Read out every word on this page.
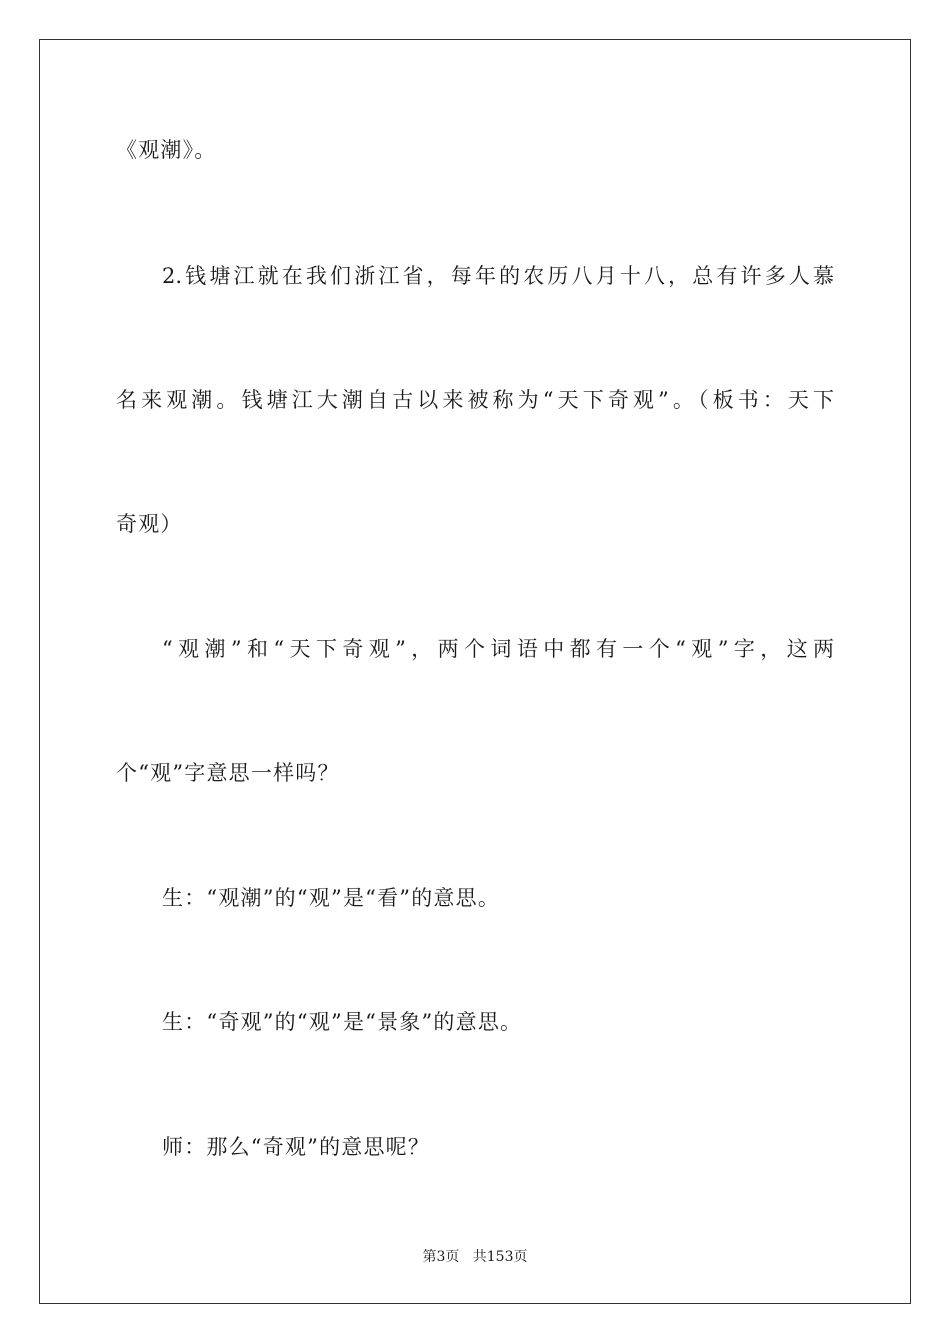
《观潮》。
2.钱塘江就在我们浙江省，每年的农历八月十八，总有许多人慕
名来观潮。钱塘江大潮自古以来被称为“天下奇观”。（板书：天下
奇观）
“观潮”和“天下奇观”，两个词语中都有一个“观”字，这两
个“观”字意思一样吗？
生：“观潮”的“观”是“看”的意思。
生：“奇观”的“观”是“景象”的意思。
师：那么“奇观”的意思呢？
第3页   共153页
